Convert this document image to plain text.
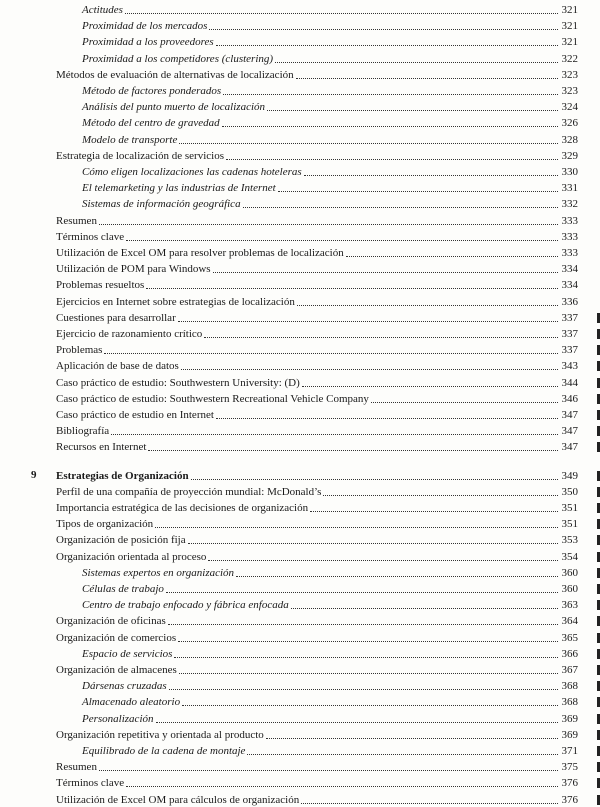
Actitudes	321
Proximidad de los mercados	321
Proximidad a los proveedores	321
Proximidad a los competidores (clustering)	322
Métodos de evaluación de alternativas de localización	323
Método de factores ponderados	323
Análisis del punto muerto de localización	324
Método del centro de gravedad	326
Modelo de transporte	328
Estrategia de localización de servicios	329
Cómo eligen localizaciones las cadenas hoteleras	330
El telemarketing y las industrias de Internet	331
Sistemas de información geográfica	332
Resumen	333
Términos clave	333
Utilización de Excel OM para resolver problemas de localización	333
Utilización de POM para Windows	334
Problemas resueltos	334
Ejercicios en Internet sobre estrategias de localización	336
Cuestiones para desarrollar	337
Ejercicio de razonamiento crítico	337
Problemas	337
Aplicación de base de datos	343
Caso práctico de estudio: Southwestern University: (D)	344
Caso práctico de estudio: Southwestern Recreational Vehicle Company	346
Caso práctico de estudio en Internet	347
Bibliografía	347
Recursos en Internet	347
9 Estrategias de Organización	349
Perfil de una compañía de proyección mundial: McDonald’s	350
Importancia estratégica de las decisiones de organización	351
Tipos de organización	351
Organización de posición fija	353
Organización orientada al proceso	354
Sistemas expertos en organización	360
Células de trabajo	360
Centro de trabajo enfocado y fábrica enfocada	363
Organización de oficinas	364
Organización de comercios	365
Espacio de servicios	366
Organización de almacenes	367
Dársenas cruzadas	368
Almacenado aleatorio	368
Personalización	369
Organización repetitiva y orientada al producto	369
Equilibrado de la cadena de montaje	371
Resumen	375
Términos clave	376
Utilización de Excel OM para cálculos de organización	376
